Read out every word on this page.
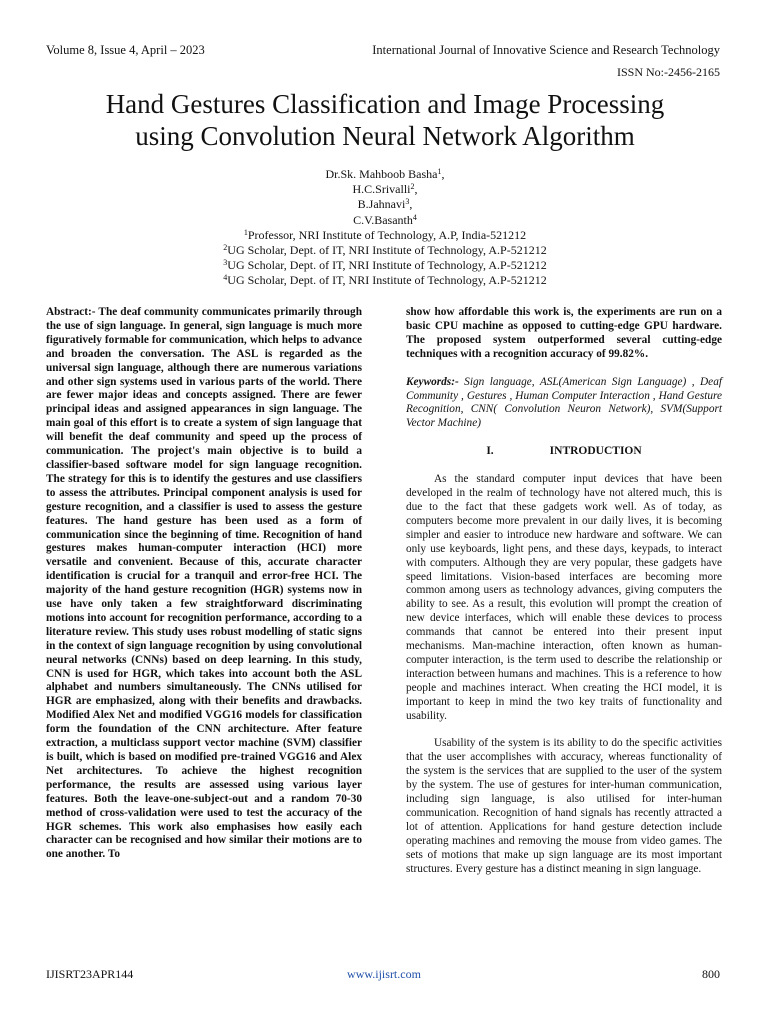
Volume 8, Issue 4, April – 2023	International Journal of Innovative Science and Research Technology
ISSN No:-2456-2165
Hand Gestures Classification and Image Processing
using Convolution Neural Network Algorithm
Dr.Sk. Mahboob Basha$^1$,
H.C.Srivalli$^2$,
B.Jahnavi$^3$,
C.V.Basanth$^4$
$^1$Professor, NRI Institute of Technology, A.P, India-521212
$^2$UG Scholar, Dept. of IT, NRI Institute of Technology, A.P-521212
$^3$UG Scholar, Dept. of IT, NRI Institute of Technology, A.P-521212
$^4$UG Scholar, Dept. of IT, NRI Institute of Technology, A.P-521212

Abstract:- The deaf community communicates primarily through the use of sign language. In general, sign language is much more figuratively formable for communication, which helps to advance and broaden the conversation. The ASL is regarded as the universal sign language, although there are numerous variations and other sign systems used in various parts of the world. There are fewer major ideas and concepts assigned. There are fewer principal ideas and assigned appearances in sign language. The main goal of this effort is to create a system of sign language that will benefit the deaf community and speed up the process of communication. The project's main objective is to build a classifier-based software model for sign language recognition. The strategy for this is to identify the gestures and use classifiers to assess the attributes. Principal component analysis is used for gesture recognition, and a classifier is used to assess the gesture features. The hand gesture has been used as a form of communication since the beginning of time. Recognition of hand gestures makes human-computer interaction (HCI) more versatile and convenient. Because of this, accurate character identification is crucial for a tranquil and error-free HCI. The majority of the hand gesture recognition (HGR) systems now in use have only taken a few straightforward discriminating motions into account for recognition performance, according to a literature review. This study uses robust modelling of static signs in the context of sign language recognition by using convolutional neural networks (CNNs) based on deep learning. In this study, CNN is used for HGR, which takes into account both the ASL alphabet and numbers simultaneously. The CNNs utilised for HGR are emphasized, along with their benefits and drawbacks. Modified Alex Net and modified VGG16 models for classification form the foundation of the CNN architecture. After feature extraction, a multiclass support vector machine (SVM) classifier is built, which is based on modified pre-trained VGG16 and Alex Net architectures. To achieve the highest recognition performance, the results are assessed using various layer features. Both the leave-one-subject-out and a random 70-30 method of cross-validation were used to test the accuracy of the HGR schemes. This work also emphasises how easily each character can be recognised and how similar their motions are to one another. To

show how affordable this work is, the experiments are run on a basic CPU machine as opposed to cutting-edge GPU hardware. The proposed system outperformed several cutting-edge techniques with a recognition accuracy of 99.82%.

Keywords:- Sign language, ASL(American Sign Language) , Deaf Community , Gestures , Human Computer Interaction , Hand Gesture Recognition, CNN( Convolution Neuron Network), SVM(Support Vector Machine)

I.	INTRODUCTION

As the standard computer input devices that have been developed in the realm of technology have not altered much, this is due to the fact that these gadgets work well. As of today, as computers become more prevalent in our daily lives, it is becoming simpler and easier to introduce new hardware and software. We can only use keyboards, light pens, and these days, keypads, to interact with computers. Although they are very popular, these gadgets have speed limitations. Vision-based interfaces are becoming more common among users as technology advances, giving computers the ability to see. As a result, this evolution will prompt the creation of new device interfaces, which will enable these devices to process commands that cannot be entered into their present input mechanisms. Man-machine interaction, often known as human-computer interaction, is the term used to describe the relationship or interaction between humans and machines. This is a reference to how people and machines interact. When creating the HCI model, it is important to keep in mind the two key traits of functionality and usability.

Usability of the system is its ability to do the specific activities that the user accomplishes with accuracy, whereas functionality of the system is the services that are supplied to the user of the system by the system. The use of gestures for inter-human communication, including sign language, is also utilised for inter-human communication. Recognition of hand signals has recently attracted a lot of attention. Applications for hand gesture detection include operating machines and removing the mouse from video games. The sets of motions that make up sign language are its most important structures. Every gesture has a distinct meaning in sign language.

IJISRT23APR144	www.ijisrt.com	800
